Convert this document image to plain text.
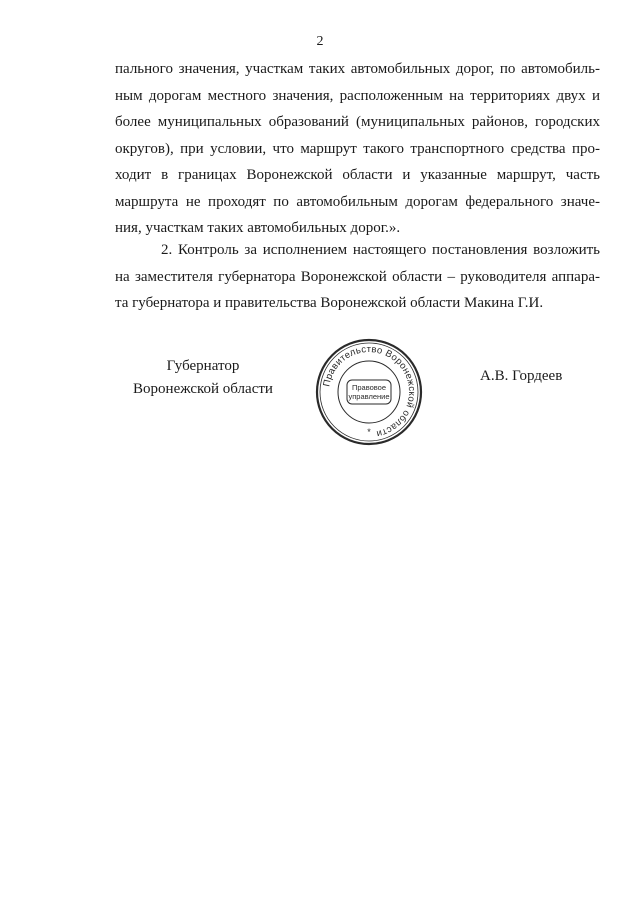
2
пального значения, участкам таких автомобильных дорог, по автомобиль- ным дорогам местного значения, расположенным на территориях двух и более муниципальных образований (муниципальных районов, городских округов), при условии, что маршрут такого транспортного средства про- ходит в границах Воронежской области и указанные маршрут, часть маршрута не проходят по автомобильным дорогам федерального значе- ния, участкам таких автомобильных дорог.».
2. Контроль за исполнением настоящего постановления возложить на заместителя губернатора Воронежской области – руководителя аппара- та губернатора и правительства Воронежской области Макина Г.И.
Губернатор
Воронежской области	Правительство Воронежской области
Правовое
управление
*
А.В. Гордеев
